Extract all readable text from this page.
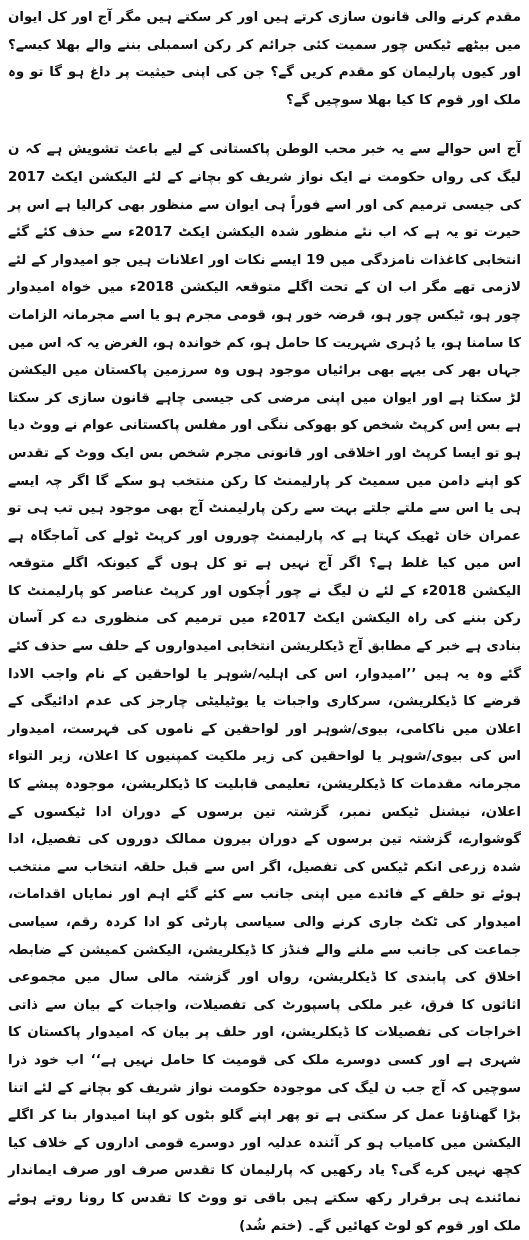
مقدم کرنے والی قانون سازی کرتے ہیں اور کر سکتے ہیں مگر آج اور کل ایوان میں بیٹھے ٹیکس چور سمیت کئی جرائم کر رکن اسمبلی بننے والے بھلا کیسے؟ اور کیوں پارلیمان کو مقدم کریں گے؟ جن کی اپنی حیثیت پر داغ ہو گا تو وہ ملک اور قوم کا کیا بھلا سوچیں گے؟

آج اس حوالے سے یہ خبر محب الوطن پاکستانی کے لیے باعث تشویش ہے کہ ن لیگ کی رواں حکومت نے ایک نواز شریف کو بچانے کے لئے الیکشن ایکٹ 2017 کی جیسی ترمیم کی اور اسے فوراً ہی ایوان سے منظور بھی کرالیا ہے اس پر حیرت تو یہ ہے کہ اب نئے منظور شدہ الیکشن ایکٹ 2017ء سے حذف کئے گئے انتخابی کاغذات نامزدگی میں 19 ایسے نکات اور اعلانات ہیں جو امیدوار کے لئے لازمی تھے مگر اب ان کے تحت اگلے متوقعہ الیکشن 2018ء میں خواہ امیدوار چور ہو، ٹیکس چور ہو، قرضہ خور ہو، قومی مجرم ہو یا اسے مجرمانہ الزامات کا سامنا ہو، یا دُہری شہریت کا حامل ہو، کم خواندہ ہو، الغرض یہ کہ اس میں جہاں بھر کی بیہے بھی برائیاں موجود ہوں وہ سرزمین پاکستان میں الیکشن لڑ سکتا ہے اور ایوان میں اپنی مرضی کی جیسی چاہے قانون سازی کر سکتا ہے بس اِس کرپٹ شخص کو بھوکی ننگی اور مفلس پاکستانی عوام نے ووٹ دیا ہو تو ایسا کرپٹ اور اخلاقی اور قانونی مجرم شخص بس ایک ووٹ کے تقدس کو اپنے دامن میں سمیٹ کر پارلیمنٹ کا رکن منتخب ہو سکے گا اگر چہ ایسے ہی یا اس سے ملتے جلتے بہت سے رکن پارلیمنٹ آج بھی موجود ہیں تب ہی تو عمران خان ٹھیک کہتا ہے کہ پارلیمنٹ چوروں اور کرپٹ ٹولے کی آماجگاہ ہے اس میں کیا غلط ہے؟ اگر آج نہیں ہے تو کل ہوں گے کیونکہ اگلے متوقعہ الیکشن 2018ء کے لئے ن لیگ نے چور اُچکوں اور کرپٹ عناصر کو پارلیمنٹ کا رکن بننے کی راہ الیکشن ایکٹ 2017ء میں ترمیم کی منظوری دے کر آسان بنادی ہے خبر کے مطابق آج ڈیکلریشن انتخابی امیدواروں کے حلف سے حذف کئے گئے وہ یہ ہیں ’’امیدوار، اس کی اہلیہ/شوہر یا لواحقین کے نام واجب الادا قرضے کا ڈیکلریشن، سرکاری واجبات یا یوٹیلیٹی چارجز کی عدم ادائیگی کے اعلان میں ناکامی، بیوی/شوہر اور لواحقین کے ناموں کی فہرست، امیدوار اس کی بیوی/شوہر یا لواحقین کی زیر ملکیت کمپنیوں کا اعلان، زیر التواء مجرمانہ مقدمات کا ڈیکلریشن، تعلیمی قابلیت کا ڈیکلریشن، موجودہ پیشے کا اعلان، نیشنل ٹیکس نمبر، گزشتہ تین برسوں کے دوران ادا ٹیکسوں کے گوشوارے، گزشتہ تین برسوں کے دوران بیرون ممالک دوروں کی تفصیل، ادا شدہ زرعی انکم ٹیکس کی تفصیل، اگر اس سے قبل حلقہ انتخاب سے منتخب ہوئے تو حلقے کے فائدے میں اپنی جانب سے کئے گئے اہم اور نمایاں اقدامات، امیدوار کی ٹکٹ جاری کرنے والی سیاسی پارٹی کو ادا کردہ رقم، سیاسی جماعت کی جانب سے ملنے والے فنڈز کا ڈیکلریشن، الیکشن کمیشن کے ضابطہ اخلاق کی پابندی کا ڈیکلریشن، رواں اور گزشتہ مالی سال میں مجموعی اثاثوں کا فرق، غیر ملکی پاسپورٹ کی تفصیلات، واجبات کے بیان سے ذاتی اخراجات کی تفصیلات کا ڈیکلریشن، اور حلف پر بیان کہ امیدوار پاکستان کا شہری ہے اور کسی دوسرے ملک کی قومیت کا حامل نہیں ہے‘‘ اب خود ذرا سوچیں کہ آج جب ن لیگ کی موجودہ حکومت نواز شریف کو بچانے کے لئے اتنا بڑا گھناؤنا عمل کر سکتی ہے تو پھر اپنے گلو بٹوں کو اپنا امیدوار بنا کر اگلے الیکشن میں کامیاب ہو کر آئندہ عدلیہ اور دوسرے قومی اداروں کے خلاف کیا کچھ نہیں کرے گی؟ یاد رکھیں کہ پارلیمان کا تقدس صرف اور صرف ایماندار نمائندے ہی برقرار رکھ سکتے ہیں باقی تو ووٹ کا تقدس کا رونا روتے ہوئے ملک اور قوم کو لوٹ کھائیں گے۔ (ختم شُد)
